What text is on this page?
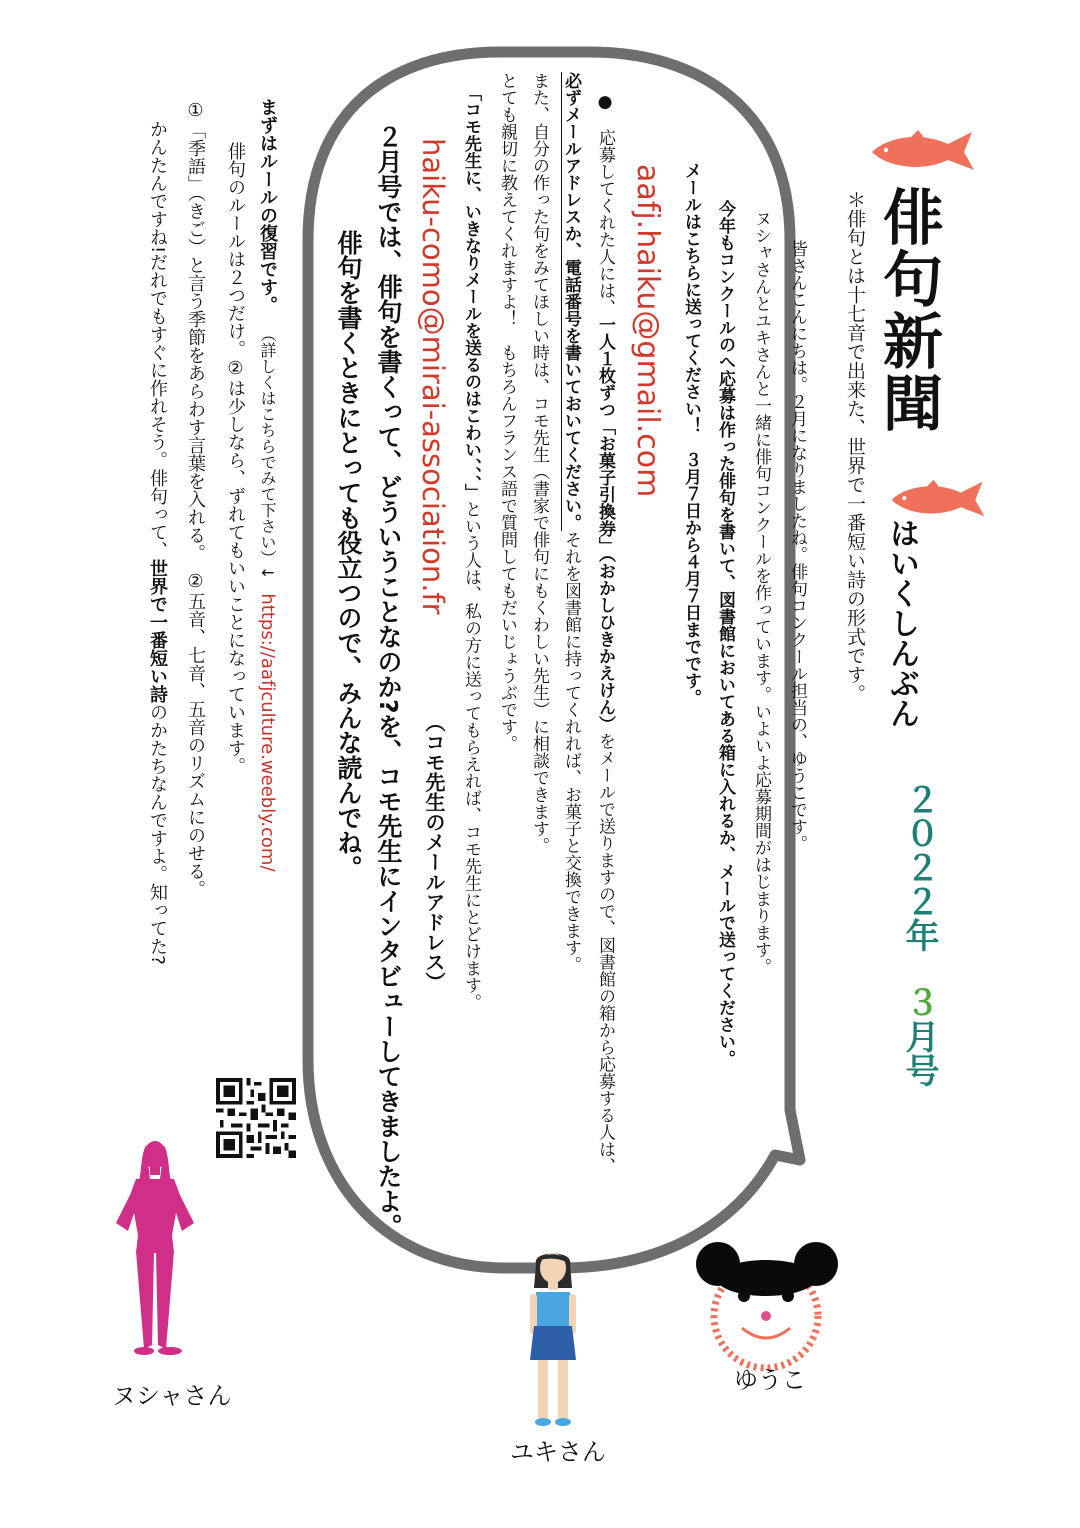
俳句新聞
はいくしんぶん
２０２２年
３月号
＊俳句とは十七音で出来た、世界で一番短い詩の形式です。
皆さんこんにちは。２月になりましたね。俳句コンクール担当の、ゆうこです。
ヌシャさんとユキさんと一緒に俳句コンクールを作っています。いよいよ応募期間がはじまります。
今年もコンクールのへ応募は作った俳句を書いて、図書館においてある箱に入れるか、メールで送ってください。
メールはこちらに送ってください！　３月７日から４月７日までです。
aafj.haiku@gmail.com
●　応募してくれた人には、一人１枚ずつ「お菓子引換券」（おかしひきかえけん）をメールで送りますので、図書館の箱から応募する人は、
必ずメールアドレスか、電話番号を書いておいてください。それを図書館に持ってくれれば、お菓子と交換できます。
また、自分の作った句をみてほしい時は、コモ先生（書家で俳句にもくわしい先生）に相談できます。
とても親切に教えてくれますよ！　もちろんフランス語で質問してもだいじょうぶです。
「コモ先生に、いきなりメールを送るのはこわい、、、」という人は、私の方に送ってもらえれば、コモ先生にとどけます。
haiku-como@mirai-association.fr
（コモ先生のメールアドレス）
２月号では、俳句を書くって、どういうことなのか?を、コモ先生にインタビューしてきましたよ。
俳句を書くときにとっても役立つので、みんな読んでね。
まずはルールの復習です。（詳しくはこちらでみて下さい）↓https://aafjculture.weebly.com/
俳句のルールは２つだけ。②は少しなら、ずれてもいいことになっています。
①「季語」（きご）と言う季節をあらわす言葉を入れる。　②五音、七音、五音のリズムにのせる。
かんたんですね!だれでもすぐに作れそう。俳句って、世界で一番短い詩のかたちなんですよ。知ってた?
ヌシャさん
ユキさん
ゆうこ
